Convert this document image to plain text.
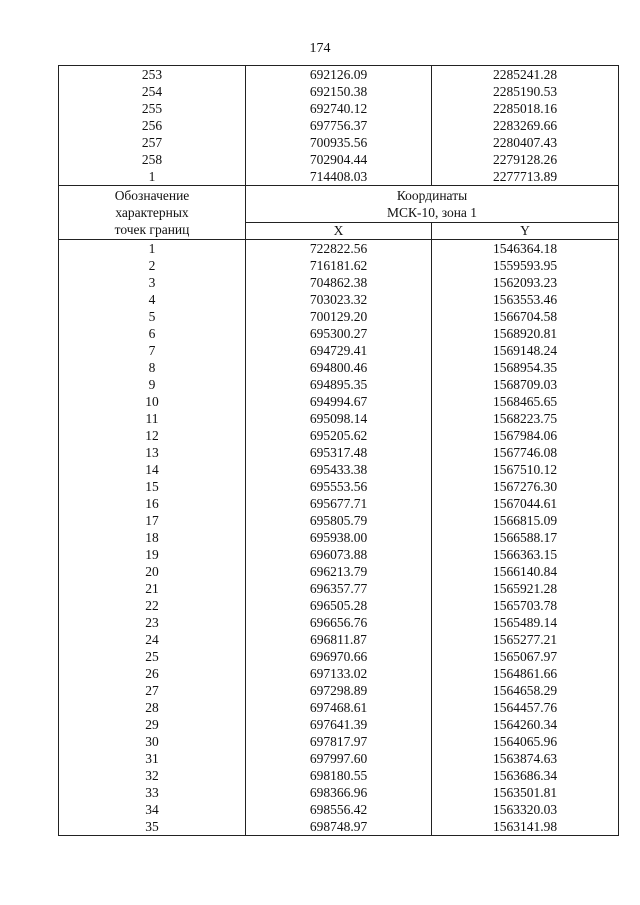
174
253	692126.09	2285241.28
254	692150.38	2285190.53
255	692740.12	2285018.16
256	697756.37	2283269.66
257	700935.56	2280407.43
258	702904.44	2279128.26
1	714408.03	2277713.89

Обозначение
характерных
точек границ	Координаты
МСК-10, зона 1	

	X	Y
1	722822.56	1546364.18
2	716181.62	1559593.95
3	704862.38	1562093.23
4	703023.32	1563553.46
5	700129.20	1566704.58
6	695300.27	1568920.81
7	694729.41	1569148.24
8	694800.46	1568954.35
9	694895.35	1568709.03
10	694994.67	1568465.65
11	695098.14	1568223.75
12	695205.62	1567984.06
13	695317.48	1567746.08
14	695433.38	1567510.12
15	695553.56	1567276.30
16	695677.71	1567044.61
17	695805.79	1566815.09
18	695938.00	1566588.17
19	696073.88	1566363.15
20	696213.79	1566140.84
21	696357.77	1565921.28
22	696505.28	1565703.78
23	696656.76	1565489.14
24	696811.87	1565277.21
25	696970.66	1565067.97
26	697133.02	1564861.66
27	697298.89	1564658.29
28	697468.61	1564457.76
29	697641.39	1564260.34
30	697817.97	1564065.96
31	697997.60	1563874.63
32	698180.55	1563686.34
33	698366.96	1563501.81
34	698556.42	1563320.03
35	698748.97	1563141.98
